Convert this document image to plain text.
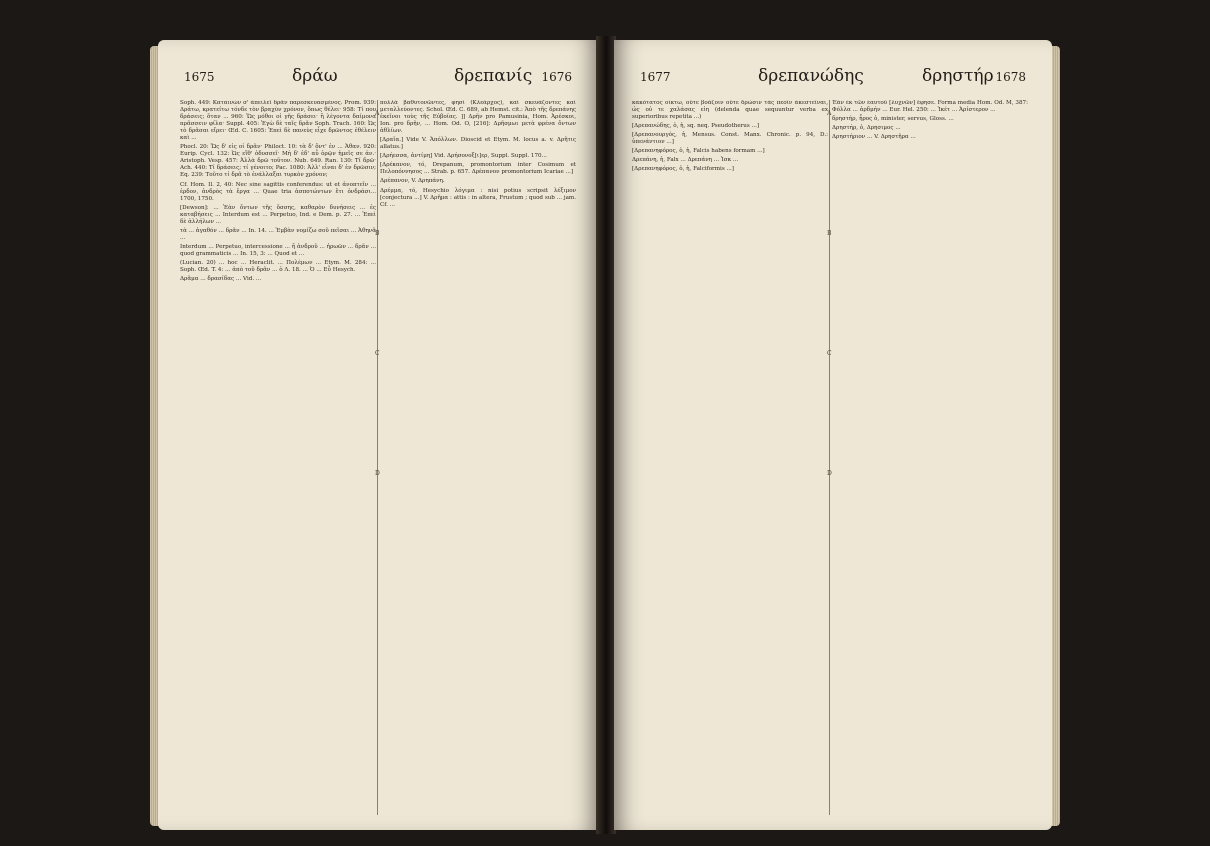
1675	δράω	δρεπανίς 1676

Soph. 449: Καταινών σ' ἀπειλεῖ δρᾶν παρεσκευασμένος. Prom. 939: Δράτω, κρατείτω τόνδε τὸν βραχὺν χρόνον, ὅπως θέλει· 958: Τί που δράσεις; ὅταν ... 960: Ὥς μόθοι οἱ γῆς δράσει· ἢ λέγοντα δαίμονα πρᾶσσειν φίλα· Suppl. 405: Ἐγὼ δὲ ταῖς δρᾶν Soph. Trach. 160: Ὡς τὸ δρᾶσαι εἴρει· Œd. C. 1605: Ἐπεὶ δὲ πανεὺς εἶχε δρῶντος ἐθέλειν καὶ ...

Phocl. 20: Ὥς δ' εἰς οἱ δρᾶν· Philoct. 10: τὰ δ' ὄντ' ἐν ... Ἀθαν. 920: Eurip. Cycl. 132: Ὡς εἴθ' ὀδυσσεῖ· Μὴ δ' ἐδ' αὖ ὀρῷν ἡμεῖς σε ἀν.· Aristoph. Vesp. 457: Ἀλλὰ δρῶ τοῦτον. Nub. 649. Ran. 130: Τί δρῶ· Ach. 440: Τί δράσεις; τί γένοιτο; Pac. 1080: Ἀλλ' εἶναι δ' ἐν δρῶσιν; Eq. 239: Τοῦτο τί δρᾶ τὸ ἐνάλλαξαι τυρκὸν χρόνον;

Cf. Hom. Il. 2, 40: Nec sine sagittis conferendus: ut et ἀνοπτεῖν ... ἐρδον, ἀνδρὸς τὰ ἔργα ... Quae tria ἀσποτώντων ἔτι ὀνδράσι... 1700, 1750.

[Dewson]: ... Ἐὰν ὄντων τῆς ὄσσης, καθαρὸν δυνήσεις ... ἐς καταβήσεις ... Interdum est ... Perpetuo, Ind. e Dem. p. 27. ... Ἐπεὶ δὲ ἀλλήλων ...

τὰ ... ἀγαθόν ... δρᾶν ... In. 14. ... Ἐμβὰν νομίζω σοῦ πεῖσαι ... Ἀθηνᾶ ...

Interdum ... Perpetuo, intercessione ... ἤ ἀνδροῦ ... ἡρωῶν ... δρᾶν ... quod grammaticis ... In. 15, 3: ... Quod et ...

(Lucian. 20) ... hoc ... Heraclit. ... Πολέμων ... Etym. M. 284: ... Soph. Œd. T. 4: ... ἀπὸ τοῦ δρᾶν ... ὁ Λ. 18. ... Ὁ ... Εὖ Hesych.

Δρᾶμα ... δρασίδας ... Vid. ...

A
B
C
D

πολλὰ βαθυτονῶντες, φησὶ (Κλεάρχος), καὶ σκευάζοντες καὶ μεταλλεύοντες. Schol. Œd. C. 689, ab Hemst. cit.: Ἀπὸ τῆς δρεπάνης ἐκεῖνοι τοὺς τῆς Εὐβοίας. ]] Δρῆν pro Pamusinia, Hom. Ἀρέσκοι, Ion. pro δρῆν, ... Hom. Od. O, [216]: Δρῆσμωι μετὰ φρένα ὄντων ἀθλίων.

[Δραῖα.] Vide V. Ἀπόλλων. Dioscid et Etym. M. locus a. v. Δρῆτις allatus.]

[Δρήεσσα, ἀντίμη] Vid. Δρήσονοξ[ι]ερ, Suppl. Suppl. 170...

[Δρέκανον, τό, Drepanum, promontorium inter Cosimum et Πελοπόννησος ... Strab. p. 657. Δρέπανον promontorium Icariae ...]

Δρέπανον, V. Δρηπάνη.

Δρέμμα, τό, Hesychio λόγιμα : nisi potius scripsit λέξιμον [conjectura ...] V. Δρῆμα : attis : in altera, Frustum ; quod sub ... jam. Cf. ...

1677	δρεπανώδης	δρηστήρ 1678

κακότατος οἶκτω, οὔτε βοάζοιν οὔτε δρώσιν τὰς πεοῖν ἀκεστεῖναι, ὡς οὐ τε χαλάσας εἰη (delenda quae sequuntur verba ex superioribus repetita ...)

[Δρεπανώδης, ὁ, ἡ, sq. neq. Pseudotherus ...]

[Δρεπανουργός, ἡ, Mensus. Const. Manx. Chronic. p. 94, D.: ὑπενάντιον ...]

[Δρεπανηφόρος, ὁ, ἡ, Falcis habens formam ...]

Δρεπάνη, ἡ, Falx ... Δρεπάνη ... Ἱσκ ...

[Δρεπανηφόρος, ὁ, ἡ, Falciformis ...]

A
B
C
D

Ἐάν ἐκ τῶν ἑαυτοῦ [λυχνῶν] ἔφησε. Forma media Hom. Od. M, 387: Φόλλα ... ἀρδμήν ... Eur. Hel. 250: ... Ἰκέτ ... Ἀρίστερον ...

δρηστήρ, ἦρος ὁ, minister, servus, Gloss. ...

Δρηστήρ, ὁ, Δρησιμος ...

Δρηστήριον ... V. Δρηστῆρα ...
